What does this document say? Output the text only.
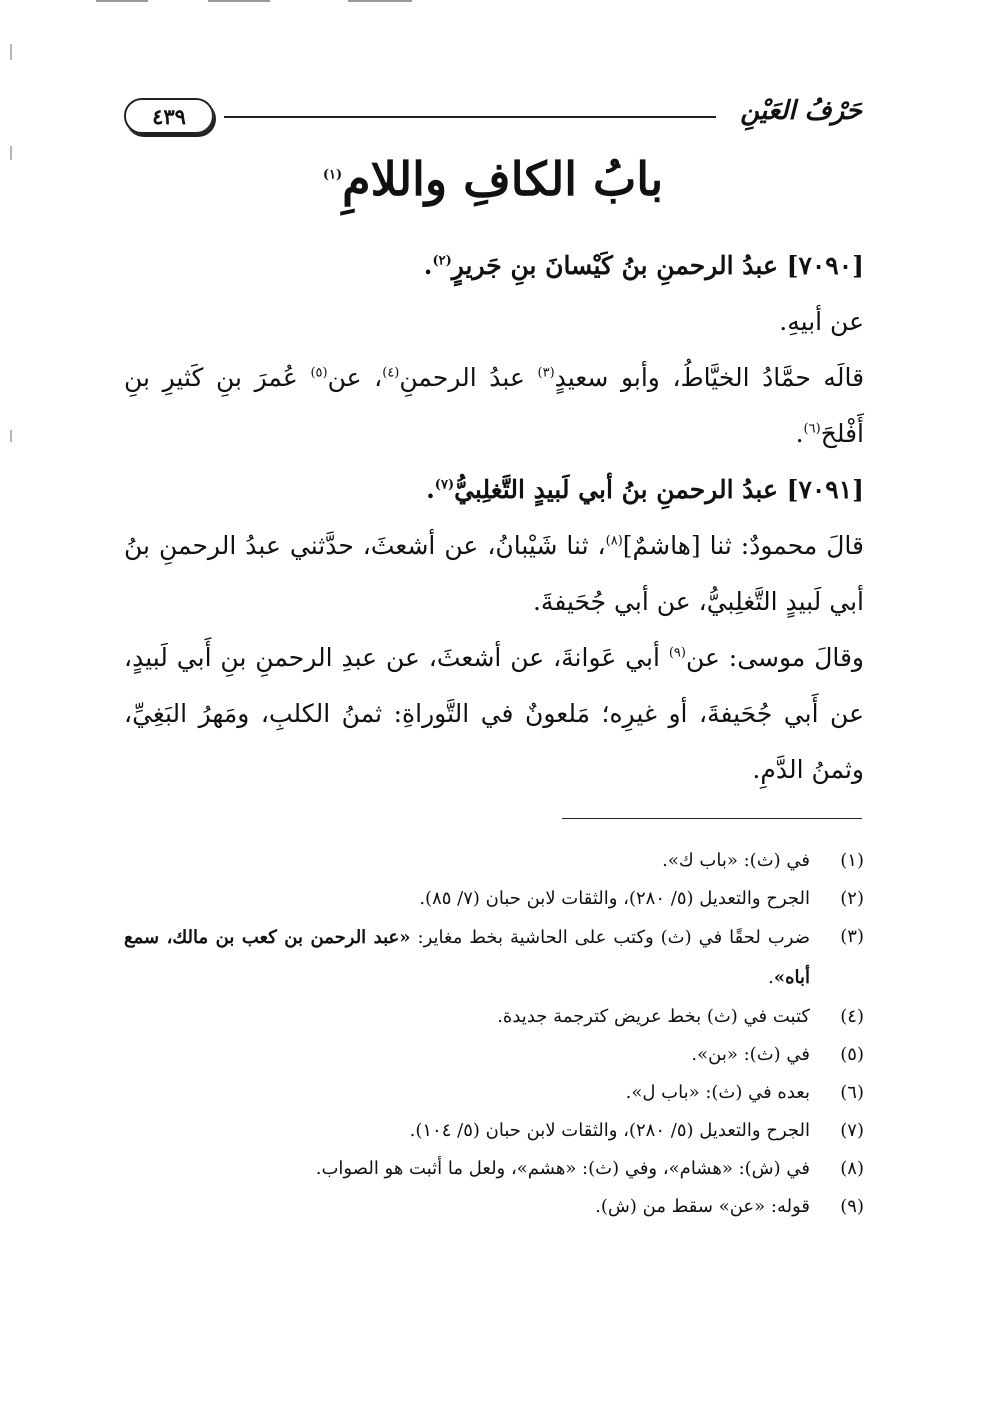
٤٣٩	حَرْفُ العَيْنِ
بابُ الكافِ واللامِ$^{(١)}$

[٧٠٩٠] عبدُ الرحمنِ بنُ كَيْسانَ بنِ جَريرٍ$^{(٢)}$.

عن أبيهِ.

قالَه حمَّادُ الخيَّاطُ، وأبو سعيدٍ$^{(٣)}$ عبدُ الرحمنِ$^{(٤)}$، عن$^{(٥)}$ عُمرَ بنِ كَثيرِ بنِ أَفْلحَ$^{(٦)}$.

[٧٠٩١] عبدُ الرحمنِ بنُ أبي لَبيدٍ التَّغلِبيُّ$^{(٧)}$.

قالَ محمودٌ: ثنا [هاشمٌ]$^{(٨)}$، ثنا شَيْبانُ، عن أشعثَ، حدَّثني عبدُ الرحمنِ بنُ أبي لَبيدٍ التَّغلِبيُّ، عن أبي جُحَيفةَ.

وقالَ موسى: عن$^{(٩)}$ أبي عَوانةَ، عن أشعثَ، عن عبدِ الرحمنِ بنِ أَبي لَبيدٍ، عن أَبي جُحَيفةَ، أو غيرِه؛ مَلعونٌ في التَّوراةِ: ثمنُ الكلبِ، ومَهرُ البَغِيِّ، وثمنُ الدَّمِ.

(١)
في (ث): «باب ك».
(٢)
الجرح والتعديل (٥/ ٢٨٠)، والثقات لابن حبان (٧/ ٨٥).
(٣)
ضرب لحقًا في (ث) وكتب على الحاشية بخط مغاير: «عبد الرحمن بن كعب بن مالك، سمع أباه».
(٤)
كتبت في (ث) بخط عريض كترجمة جديدة.
(٥)
في (ث): «بن».
(٦)
بعده في (ث): «باب ل».
(٧)
الجرح والتعديل (٥/ ٢٨٠)، والثقات لابن حبان (٥/ ١٠٤).
(٨)
في (ش): «هشام»، وفي (ث): «هشم»، ولعل ما أثبت هو الصواب.
(٩)
قوله: «عن» سقط من (ش).
